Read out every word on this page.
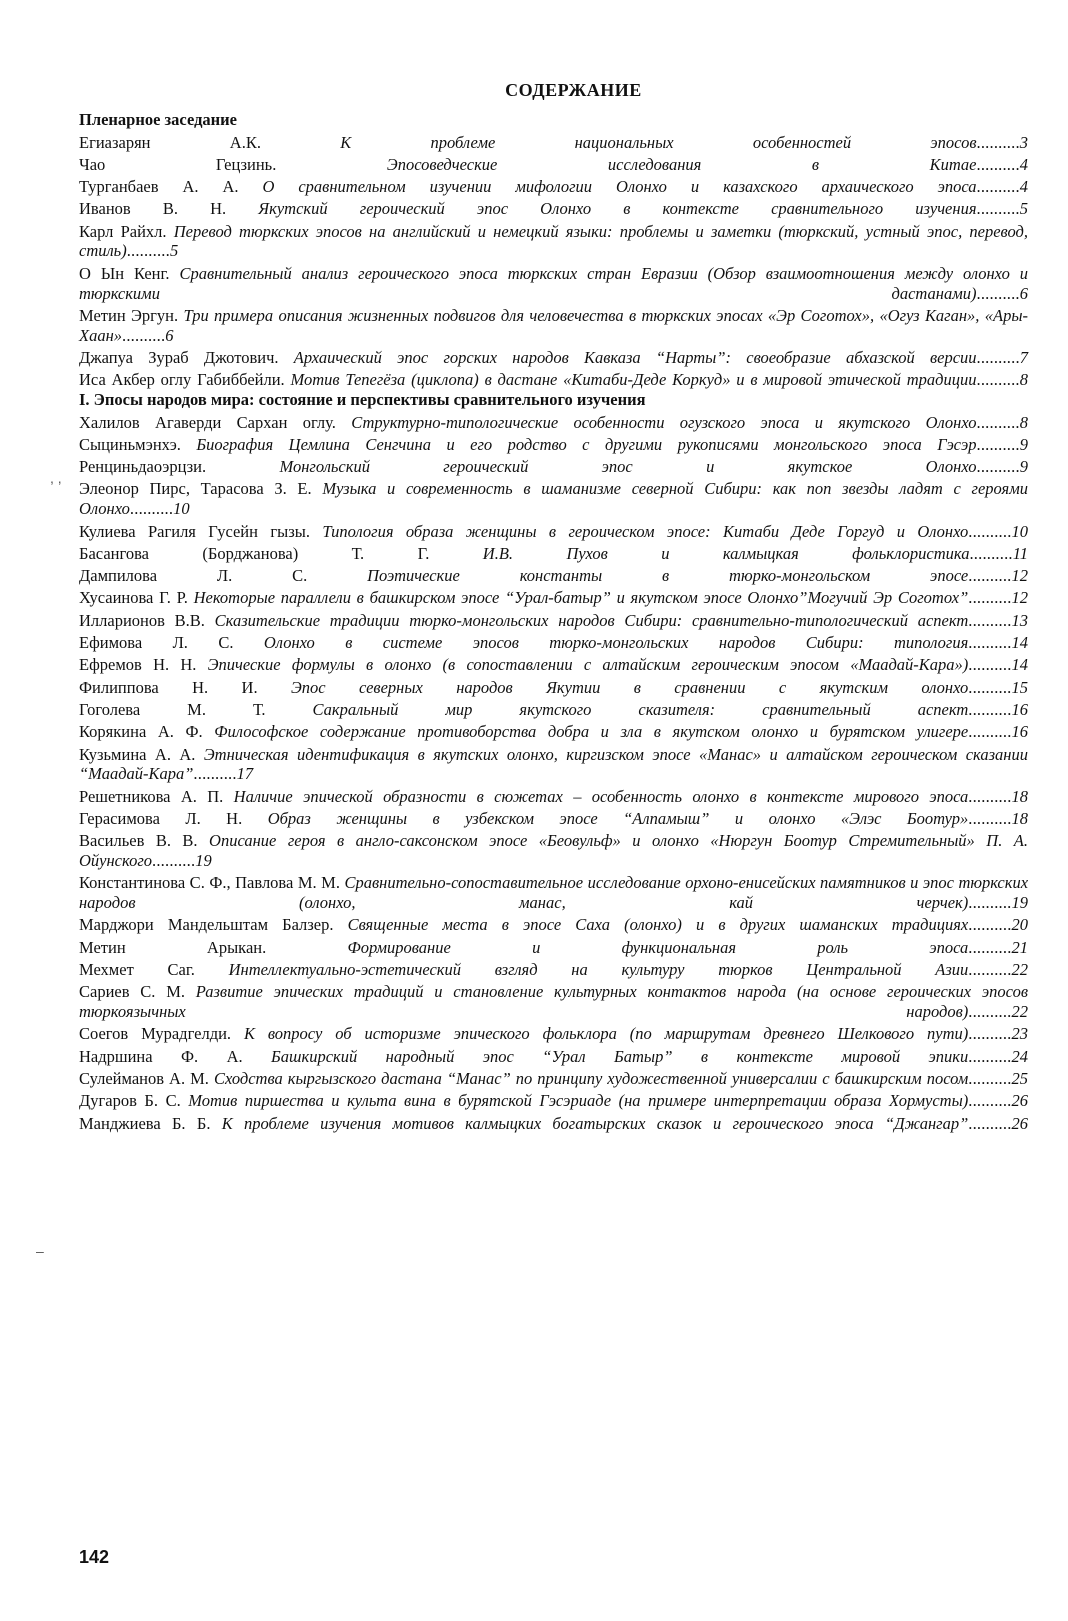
СОДЕРЖАНИЕ
Пленарное заседание

Егиазарян А.К.	К проблеме национальных особенностей эпосов..........3

Чао Гецзинь.	Эпосоведческие исследования в Китае..........4

Турганбаев А. А. О сравнительном изучении мифологии Олонхо и казахского архаического эпоса..........4

Иванов В. Н. Якутский героический эпос Олонхо в контексте сравнительного изучения..........5

Карл Райхл. Перевод тюркских эпосов на английский и немецкий языки: проблемы и заметки (тюркский, устный эпос, перевод, стиль)..........5

О Ын Кенг. Сравнительный анализ героического эпоса тюркских стран Евразии (Обзор взаимоотношения между олонхо и тюркскими дастанами)..........6

Метин Эргун. Три примера описания жизненных подвигов для человечества в тюркских эпосах «Эр Соготох», «Огуз Каган», «Ары-Хаан»..........6

Джапуа Зураб Джотович. Архаический эпос горских народов Кавказа “Нарты”: своеобразие абхазской версии..........7

Иса Акбер оглу Габиббейли. Мотив Тепегёза (циклопа) в дастане «Китаби-Деде Коркуд» и в мировой этической традиции..........8

I. Эпосы народов мира: состояние и перспективы сравнительного изучения

Халилов Агаверди Сархан оглу. Структурно-типологические особенности огузского эпоса и якутского Олонхо..........8

Сыциньмэнхэ. Биография Цемлина Сенгчина и его родство с другими рукописями монгольского эпоса Гэсэр..........9

Ренциньдаоэрцзи.	Монгольский героический эпос и якутское Олонхо..........9

Элеонор Пирс, Тарасова З. Е. Музыка и современность в шаманизме северной Сибири: как поп звезды ладят с героями Олонхо..........10

Кулиева Рагиля Гусейн гызы. Типология образа женщины в героическом эпосе: Китаби Деде Горгуд и Олонхо..........10

Басангова (Борджанова) Т. Г.	И.В. Пухов и калмыцкая фольклористика..........11

Дампилова Л. С.	Поэтические константы в тюрко-монгольском эпосе..........12

Хусаинова Г. Р. Некоторые параллели в башкирском эпосе “Урал-батыр” и якутском эпосе Олонхо”Могучий Эр Соготох”..........12

Илларионов В.В. Сказительские традиции тюрко-монгольских народов Сибири: сравнительно-типологический аспект..........13

Ефимова Л. С. Олонхо в системе эпосов тюрко-монгольских народов Сибири: типология..........14

Ефремов Н. Н. Эпические формулы в олонхо (в сопоставлении с алтайским героическим эпосом «Маадай-Кара»)..........14

Филиппова Н. И. Эпос северных народов Якутии в сравнении с якутским олонхо..........15

Гоголева М. Т.	Сакральный мир якутского сказителя: сравнительный аспект..........16

Корякина А. Ф. Философское содержание противоборства добра и зла в якутском олонхо и бурятском улигере..........16

Кузьмина А. А. Этническая идентификация в якутских олонхо, киргизском эпосе «Манас» и алтайском героическом сказании “Маадай-Кара”..........17

Решетникова А. П. Наличие эпической образности в сюжетах – особенность олонхо в контексте мирового эпоса..........18

Герасимова Л. Н. Образ женщины в узбекском эпосе “Алпамыш” и олонхо «Элэс Боотур»..........18

Васильев В. В. Описание героя в англо-саксонском эпосе «Беовульф» и олонхо «Нюргун Боотур Стремительный» П. А. Ойунского..........19

Константинова С. Ф., Павлова М. М. Сравнительно-сопоставительное исследование орхоно-енисейских памятников и эпос тюркских народов (олонхо, манас, кай черчек)..........19

Марджори Мандельштам Балзер. Священные места в эпосе Саха (олонхо) и в других шаманских традициях..........20

Метин Арыкан.	Формирование и функциональная роль эпоса..........21

Мехмет Саг. Интеллектуально-эстетический взгляд на культуру тюрков Центральной Азии..........22

Сариев С. М. Развитие эпических традиций и становление культурных контактов народа (на основе героических эпосов тюркоязычных народов)..........22

Соегов Мурадгелди. К вопросу об историзме эпического фольклора (по маршрутам древнего Шелкового пути)..........23

Надршина Ф. А. Башкирский народный эпос “Урал Батыр” в контексте мировой эпики..........24

Сулейманов А. М. Сходства кыргызского дастана “Манас” по принципу художественной универсалии с башкирским посом..........25

Дугаров Б. С. Мотив пиршества и культа вина в бурятской Гэсэриаде (на примере интерпретации образа Хормусты)..........26

Манджиева Б. Б. К проблеме изучения мотивов калмыцких богатырских сказок и героического эпоса “Джангар”..........26

, ,
–
142
